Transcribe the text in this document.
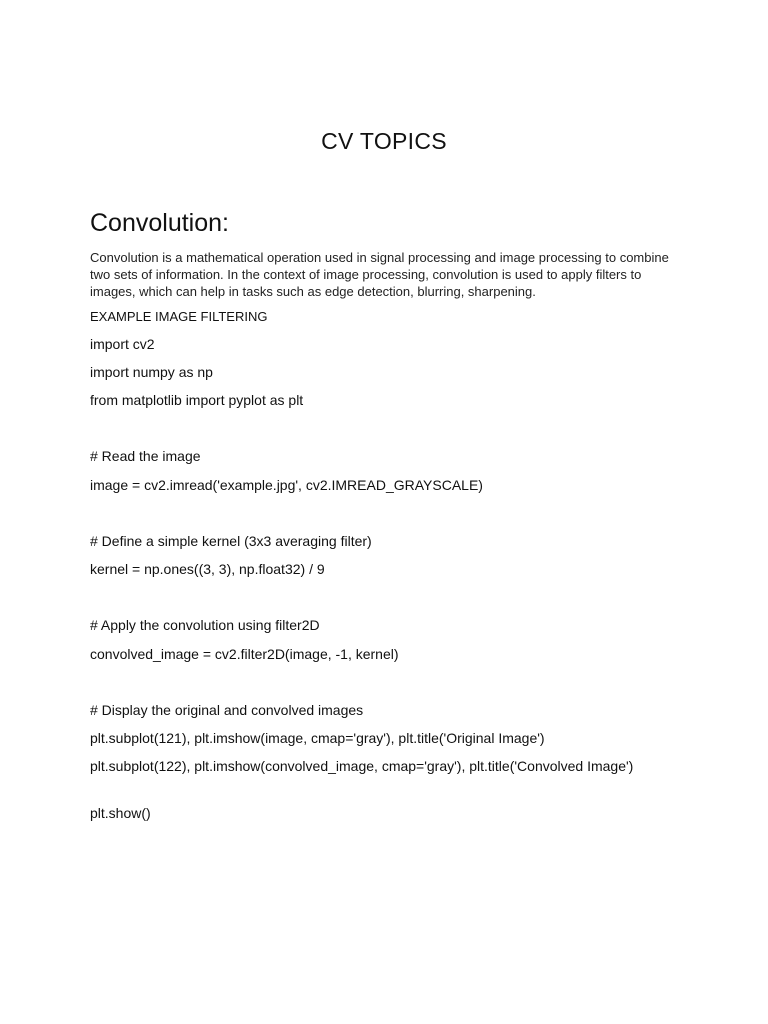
CV TOPICS
Convolution:

Convolution is a mathematical operation used in signal processing and image processing to combine two sets of information. In the context of image processing, convolution is used to apply filters to images, which can help in tasks such as edge detection, blurring, sharpening.

EXAMPLE IMAGE FILTERING

import cv2

import numpy as np

from matplotlib import pyplot as plt

# Read the image

image = cv2.imread('example.jpg', cv2.IMREAD_GRAYSCALE)

# Define a simple kernel (3x3 averaging filter)

kernel = np.ones((3, 3), np.float32) / 9

# Apply the convolution using filter2D

convolved_image = cv2.filter2D(image, -1, kernel)

# Display the original and convolved images

plt.subplot(121), plt.imshow(image, cmap='gray'), plt.title('Original Image')

plt.subplot(122), plt.imshow(convolved_image, cmap='gray'), plt.title('Convolved Image')

plt.show()
